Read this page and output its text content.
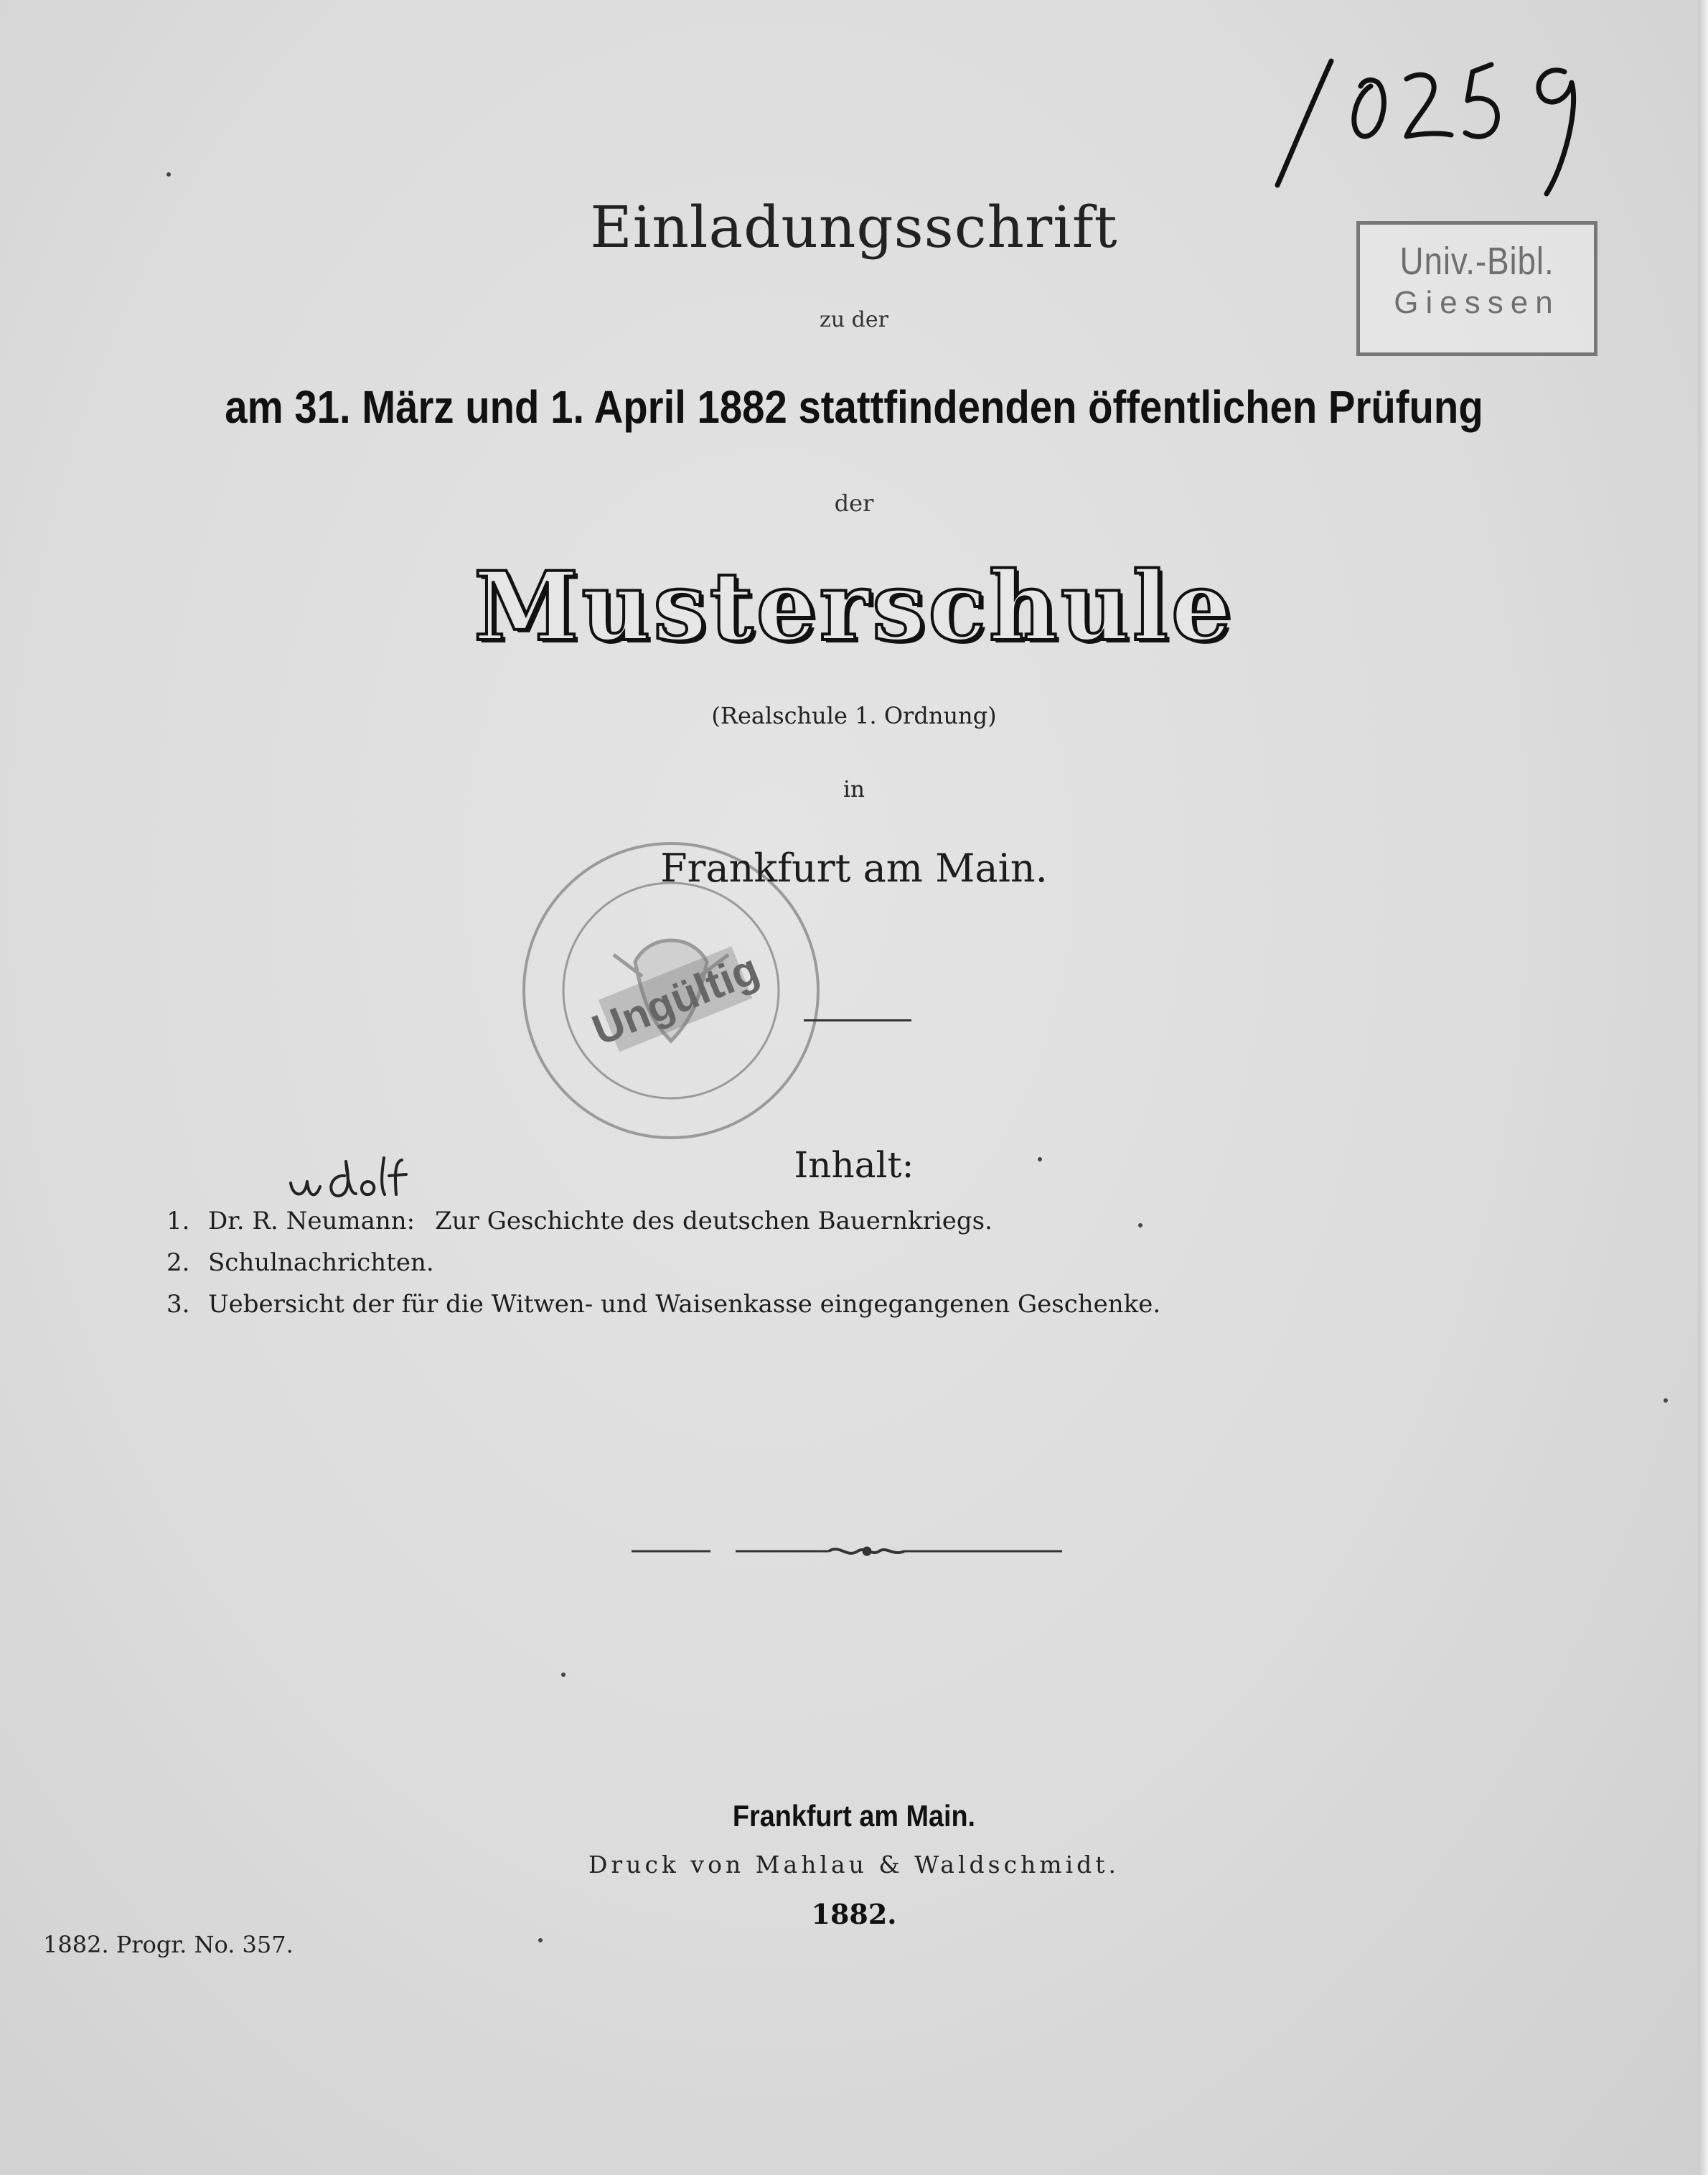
Univ.-Bibl.
Giessen
Einladungsschrift
zu der
am 31. März und 1. April 1882 stattfindenden öffentlichen Prüfung
der
Musterschule
(Realschule 1. Ordnung)
in
Ungültig
Frankfurt am Main.
Adolf	Inhalt:
1. Dr. R. Neumann: Zur Geschichte des deutschen Bauernkriegs.
2. Schulnachrichten.
3. Uebersicht der für die Witwen- und Waisenkasse eingegangenen Geschenke.
Frankfurt am Main.
Druck von Mahlau & Waldschmidt.
1882.
1882. Progr. No. 357.
